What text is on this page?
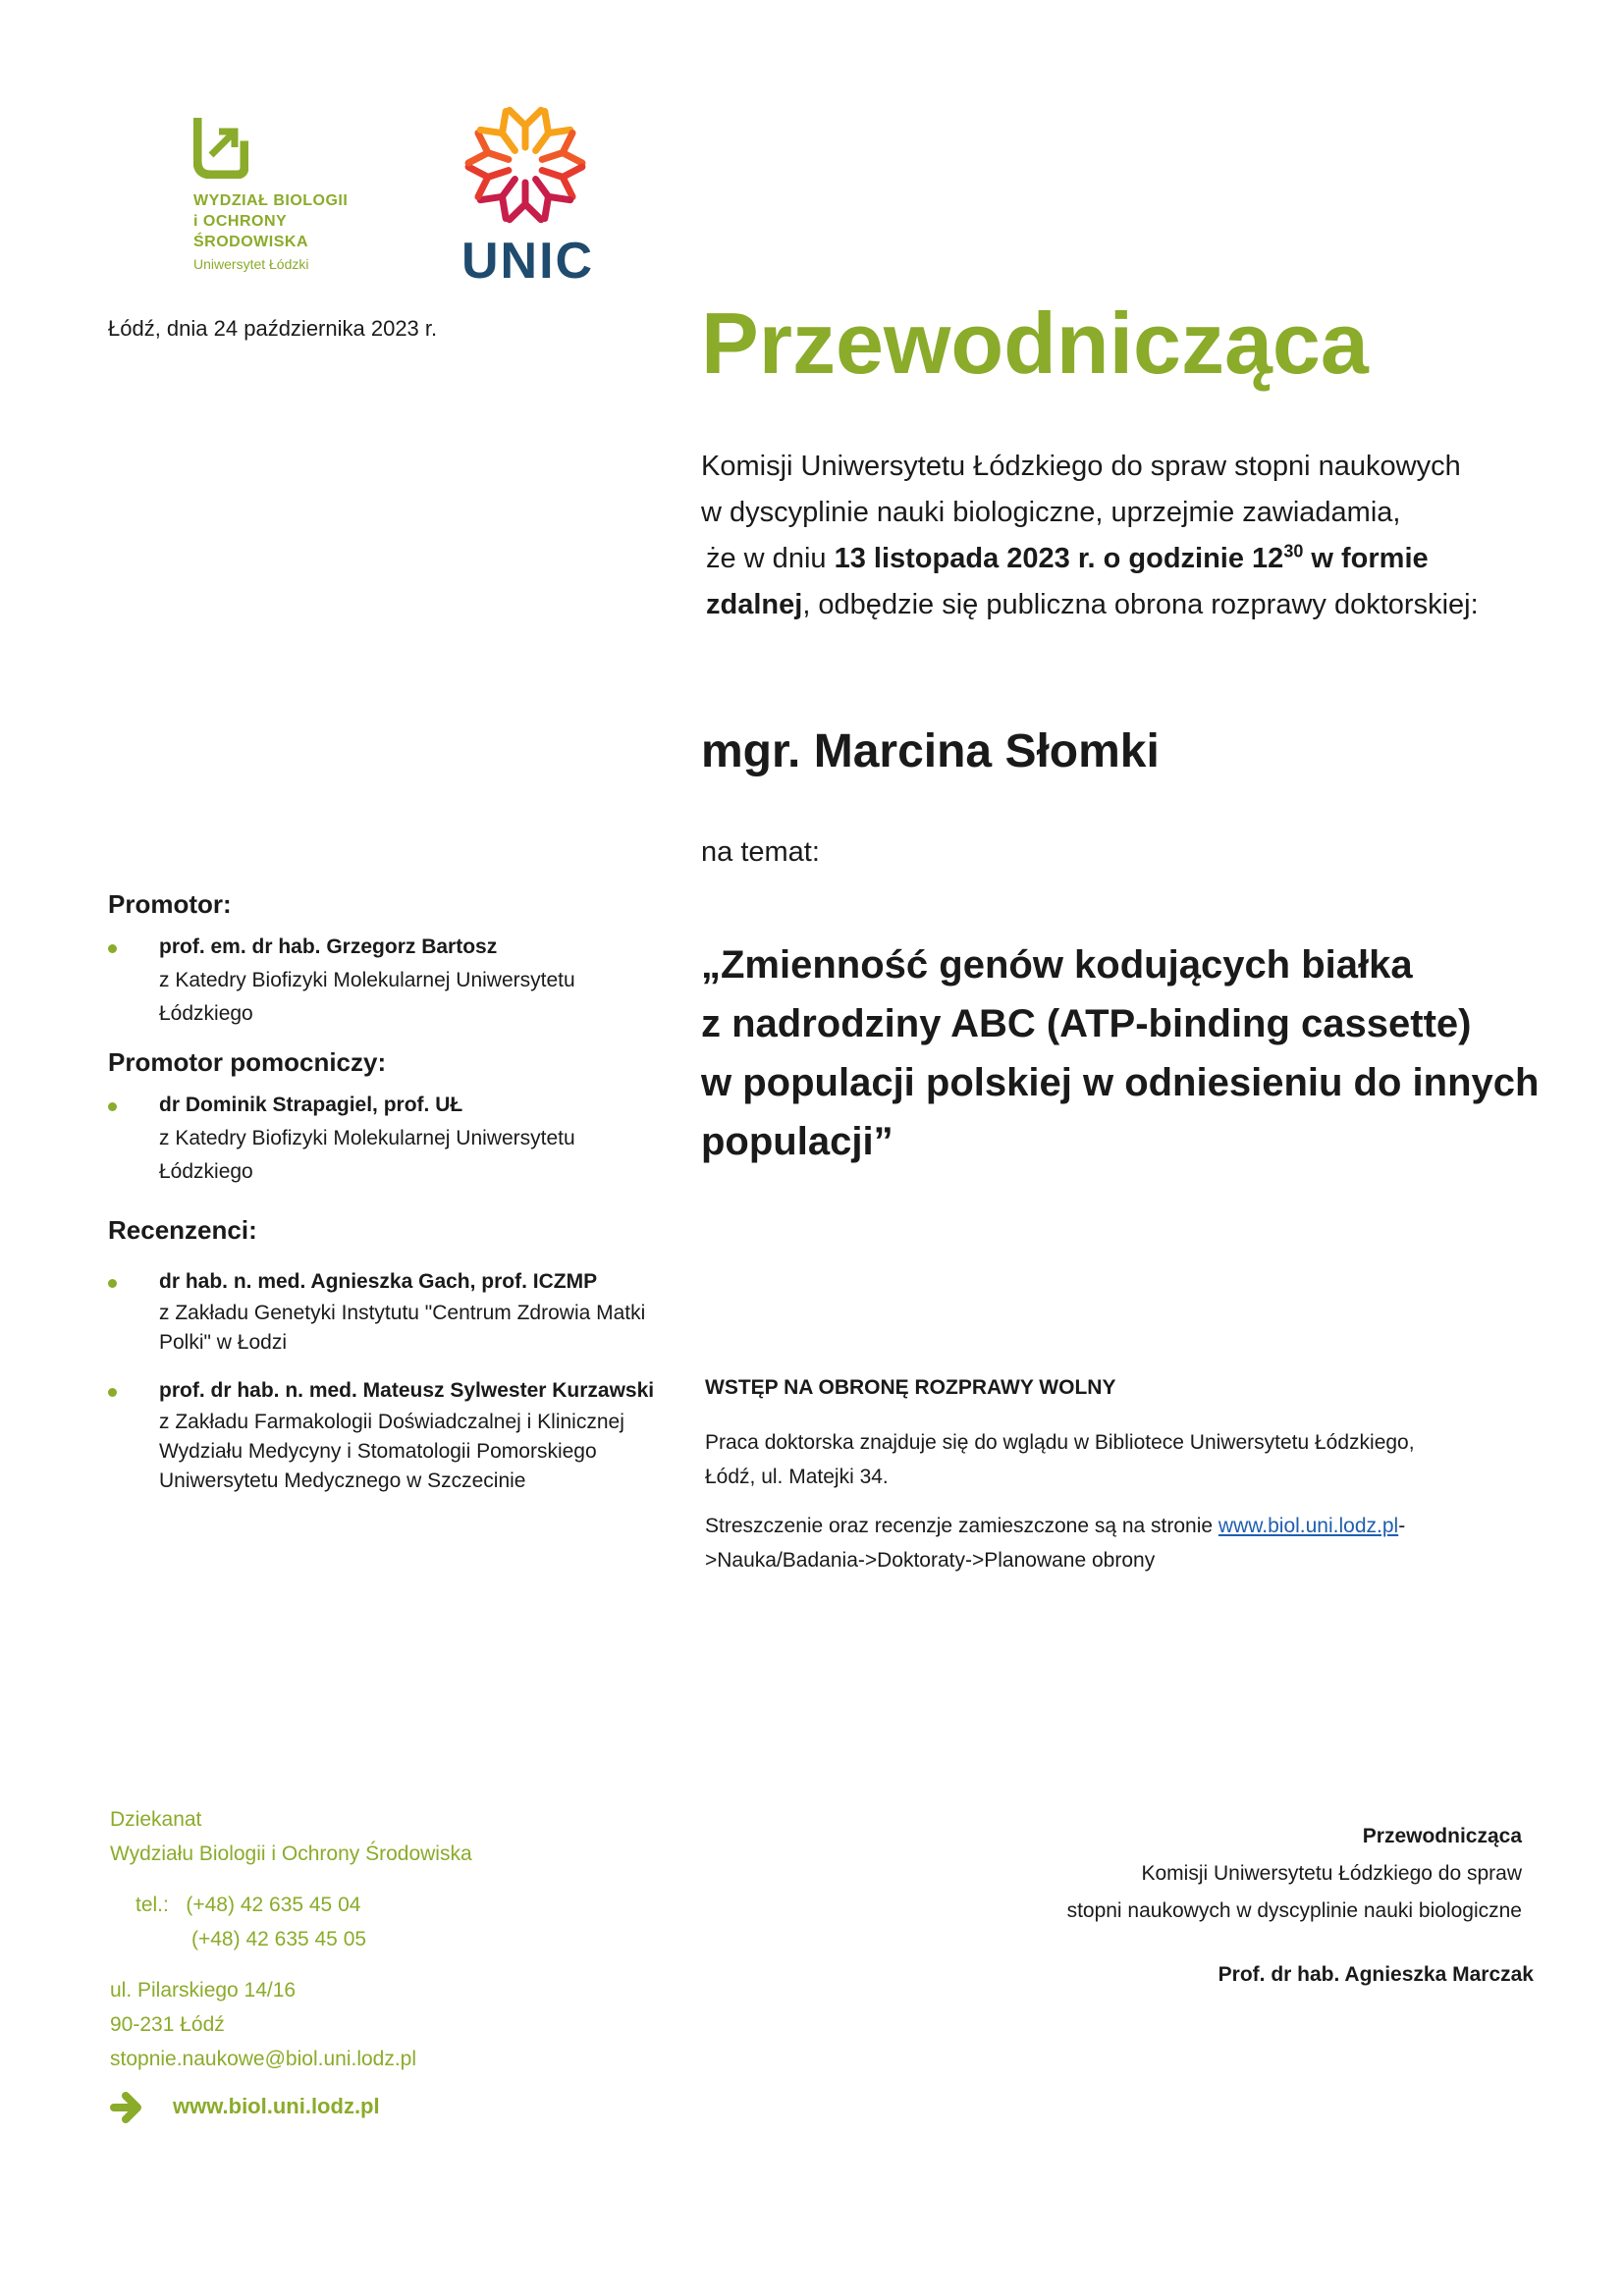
WYDZIAŁ BIOLOGII
i OCHRONY
ŚRODOWISKA
Uniwersytet Łódzki	UNIC
Łódź, dnia 24 października 2023 r.	Przewodnicząca
Komisji Uniwersytetu Łódzkiego do spraw stopni naukowych
w dyscyplinie nauki biologiczne, uprzejmie zawiadamia,
że w dniu 13 listopada 2023 r. o godzinie $12^{30}$ w formie
zdalnej, odbędzie się publiczna obrona rozprawy doktorskiej:
mgr. Marcina Słomki
na temat:
„Zmienność genów kodujących białka
z nadrodziny ABC (ATP-binding cassette)
w populacji polskiej w odniesieniu do innych
populacji”
Promotor:
prof. em. dr hab. Grzegorz Bartosz
z Katedry Biofizyki Molekularnej Uniwersytetu
Łódzkiego
Promotor pomocniczy:
dr Dominik Strapagiel, prof. UŁ
z Katedry Biofizyki Molekularnej Uniwersytetu
Łódzkiego
Recenzenci:
dr hab. n. med. Agnieszka Gach, prof. ICZMP
z Zakładu Genetyki Instytutu "Centrum Zdrowia Matki
Polki" w Łodzi
prof. dr hab. n. med. Mateusz Sylwester Kurzawski
z Zakładu Farmakologii Doświadczalnej i Klinicznej
Wydziału Medycyny i Stomatologii Pomorskiego
Uniwersytetu Medycznego w Szczecinie
WSTĘP NA OBRONĘ ROZPRAWY WOLNY
Praca doktorska znajduje się do wglądu w Bibliotece Uniwersytetu Łódzkiego,
Łódź, ul. Matejki 34.
Streszczenie oraz recenzje zamieszczone są na stronie www.biol.uni.lodz.pl-
>Nauka/Badania->Doktoraty->Planowane obrony
Dziekanat
Wydziału Biologii i Ochrony Środowiska
tel.: (+48) 42 635 45 04
(+48) 42 635 45 05
ul. Pilarskiego 14/16
90-231 Łódź
stopnie.naukowe@biol.uni.lodz.pl
www.biol.uni.lodz.pl
Przewodnicząca
Komisji Uniwersytetu Łódzkiego do spraw
stopni naukowych w dyscyplinie nauki biologiczne
Prof. dr hab. Agnieszka Marczak
